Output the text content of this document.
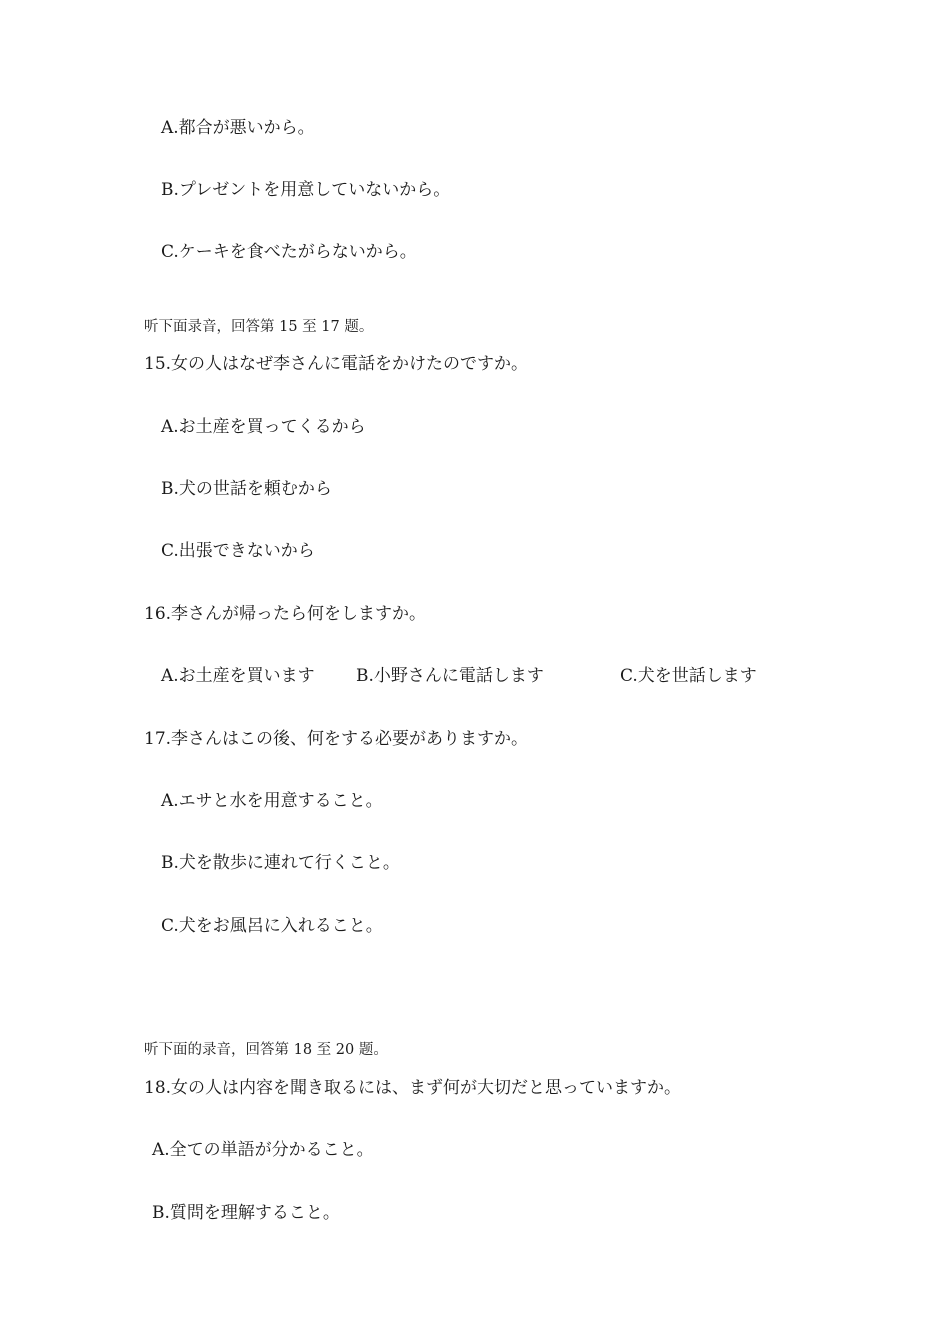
A.都合が悪いから。
B.プレゼントを用意していないから。
C.ケーキを食べたがらないから。
听下面录音，回答第 15 至 17 题。
15.女の人はなぜ李さんに電話をかけたのですか。
A.お土産を買ってくるから
B.犬の世話を頼むから
C.出張できないから
16.李さんが帰ったら何をしますか。
A.お土産を買います B.小野さんに電話します	C.犬を世話します
17.李さんはこの後、何をする必要がありますか。
A.エサと水を用意すること。
B.犬を散歩に連れて行くこと。
C.犬をお風呂に入れること。
听下面的录音，回答第 18 至 20 题。
18.女の人は内容を聞き取るには、まず何が大切だと思っていますか。
A.全ての単語が分かること。
B.質問を理解すること。
